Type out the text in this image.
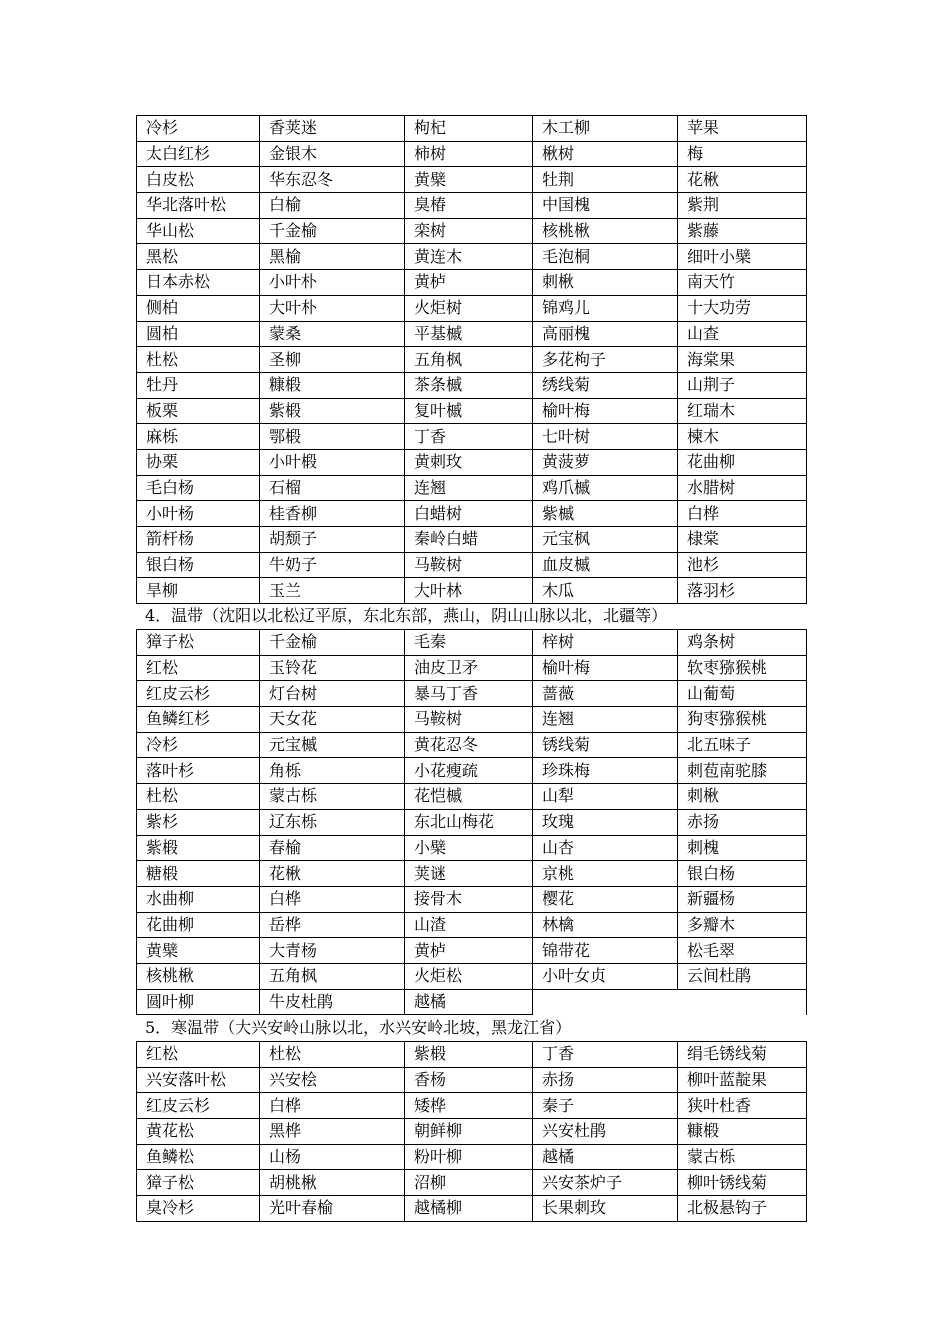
冷杉	香荚迷	枸杞	木工柳	苹果
太白红杉	金银木	柿树	楸树	梅
白皮松	华东忍冬	黄檗	牡荆	花楸
华北落叶松	白榆	臭椿	中国槐	紫荆
华山松	千金榆	栾树	核桃楸	紫藤
黑松	黑榆	黄连木	毛泡桐	细叶小檗
日本赤松	小叶朴	黄栌	刺楸	南天竹
侧柏	大叶朴	火炬树	锦鸡儿	十大功劳
圆柏	蒙桑	平基槭	高丽槐	山查
杜松	圣柳	五角枫	多花枸子	海棠果
牡丹	糠椴	茶条槭	绣线菊	山荆子
板栗	紫椴	复叶槭	榆叶梅	红瑞木
麻栎	鄂椴	丁香	七叶树	楝木
协栗	小叶椴	黄刺玫	黄菠萝	花曲柳
毛白杨	石榴	连翘	鸡爪槭	水腊树
小叶杨	桂香柳	白蜡树	紫槭	白桦
箭杆杨	胡颓子	秦岭白蜡	元宝枫	棣棠
银白杨	牛奶子	马鞍树	血皮槭	池杉
旱柳	玉兰	大叶林	木瓜	落羽杉
4．温带（沈阳以北松辽平原，东北东部，燕山，阴山山脉以北，北疆等）
獐子松	千金榆	毛秦	梓树	鸡条树
红松	玉铃花	油皮卫矛	榆叶梅	软枣猕猴桃
红皮云杉	灯台树	暴马丁香	蔷薇	山葡萄
鱼鳞红杉	天女花	马鞍树	连翘	狗枣猕猴桃
冷杉	元宝槭	黄花忍冬	锈线菊	北五味子
落叶杉	角栎	小花瘦疏	珍珠梅	刺苞南驼膝
杜松	蒙古栎	花恺槭	山犁	刺楸
紫杉	辽东栎	东北山梅花	玫瑰	赤扬
紫椴	春榆	小檗	山杏	刺槐
糖椴	花楸	荚谜	京桃	银白杨
水曲柳	白桦	接骨木	樱花	新疆杨
花曲柳	岳桦	山渣	林檎	多瓣木
黄檗	大青杨	黄栌	锦带花	松毛翠
核桃楸	五角枫	火炬松	小叶女贞	云间杜鹃
圆叶柳	牛皮杜鹃	越橘		
5．寒温带（大兴安岭山脉以北，水兴安岭北坡，黑龙江省）
红松	杜松	紫椴	丁香	绢毛锈线菊
兴安落叶松	兴安桧	香杨	赤扬	柳叶蓝靛果
红皮云杉	白桦	矮桦	秦子	狭叶杜香
黄花松	黑桦	朝鲜柳	兴安杜鹃	糠椴
鱼鳞松	山杨	粉叶柳	越橘	蒙古栎
獐子松	胡桃楸	沼柳	兴安茶炉子	柳叶锈线菊
臭冷杉	光叶春榆	越橘柳	长果刺玫	北极悬钩子
